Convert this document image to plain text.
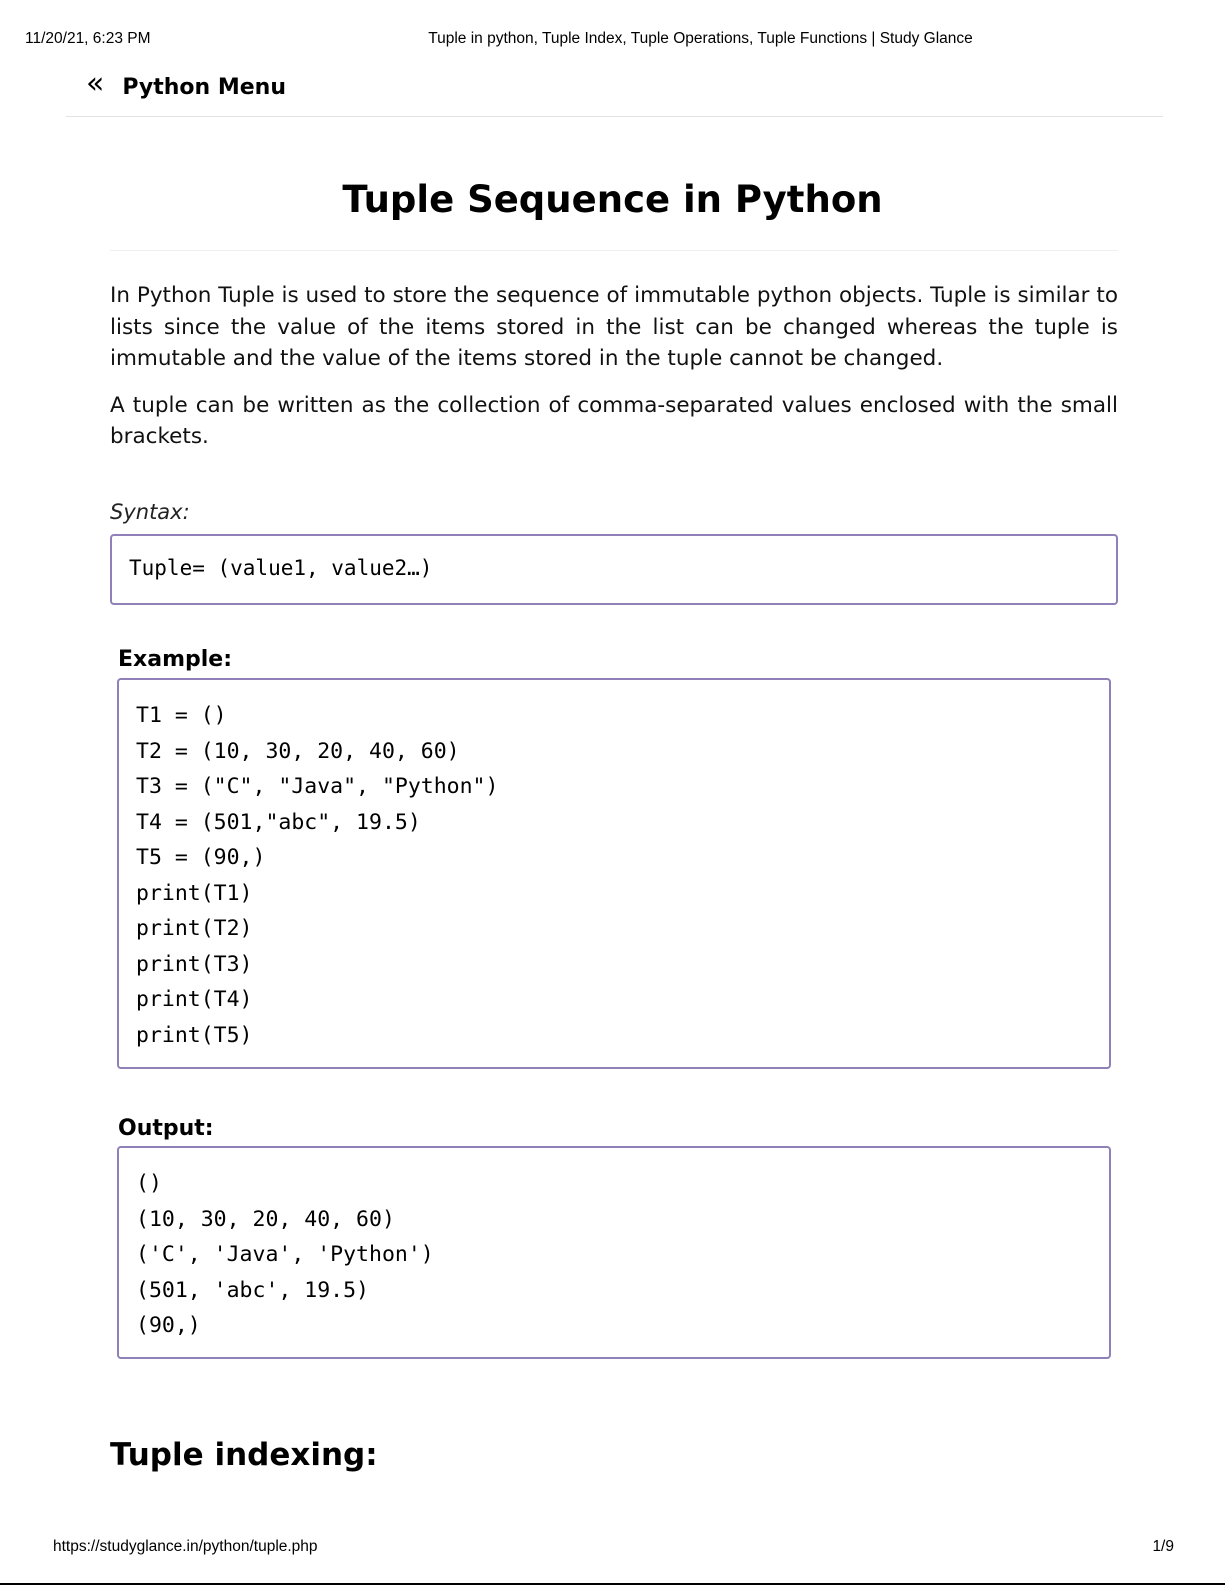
11/20/21, 6:23 PM	Tuple in python, Tuple Index, Tuple Operations, Tuple Functions | Study Glance
« Python Menu
Tuple Sequence in Python

In Python Tuple is used to store the sequence of immutable python objects. Tuple is similar to lists since the value of the items stored in the list can be changed whereas the tuple is immutable and the value of the items stored in the tuple cannot be changed.

A tuple can be written as the collection of comma-separated values enclosed with the small brackets.

Syntax:
Tuple= (value1, value2…)
Example:
T1 = ()
T2 = (10, 30, 20, 40, 60)
T3 = ("C", "Java", "Python")
T4 = (501,"abc", 19.5)
T5 = (90,)
print(T1)
print(T2)
print(T3)
print(T4)
print(T5)
Output:
()
(10, 30, 20, 40, 60)
('C', 'Java', 'Python')
(501, 'abc', 19.5)
(90,)
Tuple indexing:
https://studyglance.in/python/tuple.php	1/9
